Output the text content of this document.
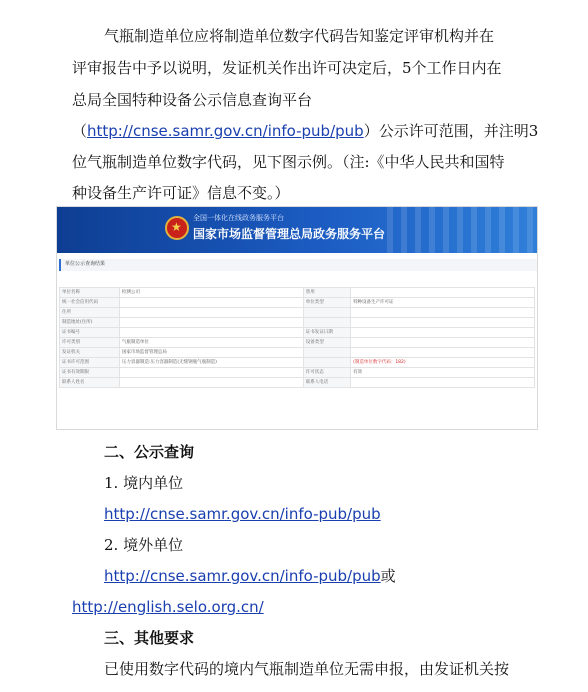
气瓶制造单位应将制造单位数字代码告知鉴定评审机构并在
评审报告中予以说明，发证机关作出许可决定后，5个工作日内在
总局全国特种设备公示信息查询平台
（http://cnse.samr.gov.cn/info-pub/pub）公示许可范围，并注明3
位气瓶制造单位数字代码，见下图示例。（注:《中华人民共和国特
种设备生产许可证》信息不变。）
★
全国一体化在线政务服务平台
国家市场监督管理总局政务服务平台
单位公示查询结果
单位名称	检测公司	曾用	
统一社会信用代码		单位类型	特种设备生产许可证
住所			
制造地址(住所)			
证书编号		证书发证日期	
许可类别	气瓶制造单位	设备类型	
发证机关	国家市场监督管理总局		
证书许可范围	压力容器制造:压力容器制造(无缝钢瓶气瓶制造)		(制造单位数字代码：182)
证书有效期限		许可状态	有效
联系人姓名		联系人电话	
二、公示查询
1. 境内单位
http://cnse.samr.gov.cn/info-pub/pub
2. 境外单位
http://cnse.samr.gov.cn/info-pub/pub或
http://english.selo.org.cn/
三、其他要求
已使用数字代码的境内气瓶制造单位无需申报，由发证机关按
